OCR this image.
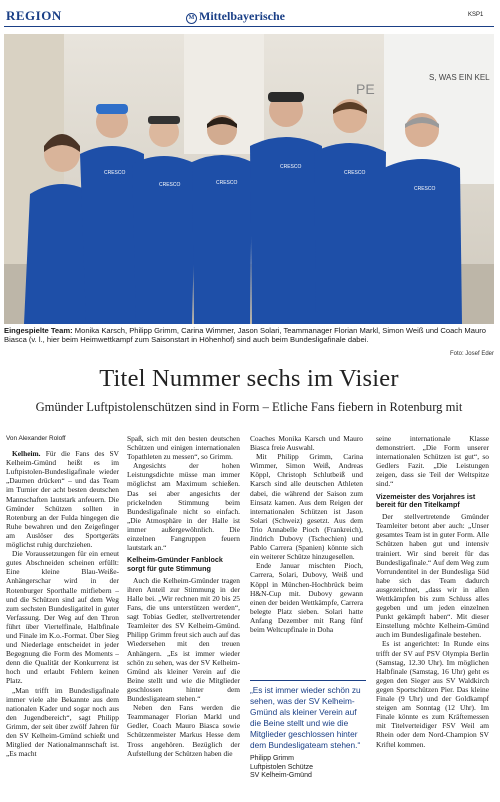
REGION	M Mittelbayerische	KSP1
S, WAS EIN KEL
PE
CRESCO
CRESCO	CRESCO
CRESCO
CRESCO
CRESCO
Eingespielte Team: Monika Karsch, Philipp Grimm, Carina Wimmer, Jason Solari, Teammanager Florian Markl, Simon Weiß und Coach Mauro Biasca (v. l., hier beim Heimwettkampf zum Saisonstart in Höhenhof) sind auch beim Bundesligafinale dabei.
Foto: Josef Eder
Titel Nummer sechs im Visier
Gmünder Luftpistolenschützen sind in Form – Etliche Fans fiebern in Rotenburg mit

Von Alexander Roloff

Kelheim. Für die Fans des SV Kelheim-Gmünd heißt es im Luftpistolen-Bundesligafinale wieder „Daumen drücken“ – und das Team im Turnier der acht besten deutschen Mannschaften lautstark anfeuern. Die Gmünder Schützen sollten in Rotenburg an der Fulda hingegen die Ruhe bewahren und den Zeigefinger am Auslöser des Sportgeräts möglichst ruhig durchziehen.

Die Voraussetzungen für ein erneut gutes Abschneiden scheinen erfüllt: Eine kleine Blau-Weiße-Anhängerschar wird in der Rotenburger Sporthalle mitfiebern – und die Schützen sind auf dem Weg zum sechsten Bundesligatitel in guter Verfassung. Der Weg auf den Thron führt über Viertelfinale, Halbfinale und Finale im K.o.-Format. Über Sieg und Niederlage entscheidet in jeder Begegnung die Form des Moments – denn die Qualität der Konkurrenz ist hoch und erlaubt Fehlern keinen Platz.

„Man trifft im Bundesligafinale immer viele alte Bekannte aus dem nationalen Kader und sogar noch aus den Jugendbereich“, sagt Philipp Grimm, der seit über zwölf Jahren für den SV Kelheim-Gmünd schießt und Mitglied der Nationalmannschaft ist. „Es macht

Spaß, sich mit den besten deutschen Schützen und einigen internationalen Topathleten zu messen“, so Grimm.

Angesichts der hohen Leistungsdichte müsse man immer möglichst am Maximum schießen. Das sei aber angesichts der prickelnden Stimmung beim Bundesligafinale nicht so einfach. „Die Atmosphäre in der Halle ist immer außergewöhnlich. Die einzelnen Fangruppen feuern lautstark an.“

Kelheim-Gmünder Fanblock sorgt für gute Stimmung

Auch die Kelheim-Gmünder tragen ihren Anteil zur Stimmung in der Halle bei. „Wir rechnen mit 20 bis 25 Fans, die uns unterstützen werden“, sagt Tobias Gedler, stellvertretender Teamleiter des SV Kelheim-Gmünd. Philipp Grimm freut sich auch auf das Wiedersehen mit den treuen Anhängern. „Es ist immer wieder schön zu sehen, was der SV Kelheim-Gmünd als kleiner Verein auf die Beine stellt und wie die Mitglieder geschlossen hinter dem Bundesligateam stehen.“

Neben den Fans werden die Teammanager Florian Markl und Gedler, Coach Mauro Biasca sowie Schützenmeister Markus Hesse dem Tross angehören. Bezüglich der Aufstellung der Schützen haben die

Coaches Monika Karsch und Mauro Biasca freie Auswahl.

Mit Philipp Grimm, Carina Wimmer, Simon Weiß, Andreas Köppl, Christoph Schlutbeiß und Karsch sind alle deutschen Athleten dabei, die während der Saison zum Einsatz kamen. Aus dem Reigen der internationalen Schützen ist Jason Solari (Schweiz) gesetzt. Aus dem Trio Annabelle Pioch (Frankreich), Jindrich Dubovy (Tschechien) und Pablo Carrera (Spanien) könnte sich ein weiterer Schütze hinzugesellen.

Ende Januar mischten Pioch, Carrera, Solari, Dubovy, Weiß und Köppl in München-Hochbrück beim H&N-Cup mit. Dubovy gewann einen der beiden Wettkämpfe, Carrera belegte Platz sieben. Solari hatte Anfang Dezember mit Rang fünf beim Weltcupfinale in Doha

„Es ist immer wieder schön zu sehen, was der SV Kelheim-Gmünd als kleiner Verein auf die Beine stellt und wie die Mitglieder geschlossen hinter dem Bundesligateam stehen.“

Philipp Grimm
Luftpistolen Schütze
SV Kelheim-Gmünd

seine internationale Klasse demonstriert. „Die Form unserer internationalen Schützen ist gut“, so Gedlers Fazit. „Die Leistungen zeigen, dass sie Teil der Weltspitze sind.“

Vizemeister des Vorjahres ist bereit für den Titelkampf

Der stellvertretende Gmünder Teamleiter betont aber auch: „Unser gesamtes Team ist in guter Form. Alle Schützen haben gut und intensiv trainiert. Wir sind bereit für das Bundesligafinale.“ Auf dem Weg zum Vorrundentitel in der Bundesliga Süd habe sich das Team dadurch ausgezeichnet, „dass wir in allen Wettkämpfen bis zum Schluss alles gegeben und um jeden einzelnen Punkt gekämpft haben“. Mit dieser Einstellung möchte Kelheim-Gmünd auch im Bundesligafinale bestehen.

Es ist angerichtet: In Runde eins trifft der SV auf PSV Olympia Berlin (Samstag, 12.30 Uhr). Im möglichen Halbfinale (Samstag, 16 Uhr) geht es gegen den Sieger aus SV Waldkirch gegen Sportschützen Pier. Das kleine Finale (9 Uhr) und der Goldkampf steigen am Sonntag (12 Uhr). Im Finale könnte es zum Kräftemessen mit Titelverteidiger FSV Weil am Rhein oder dem Nord-Champion SV Kriftel kommen.
